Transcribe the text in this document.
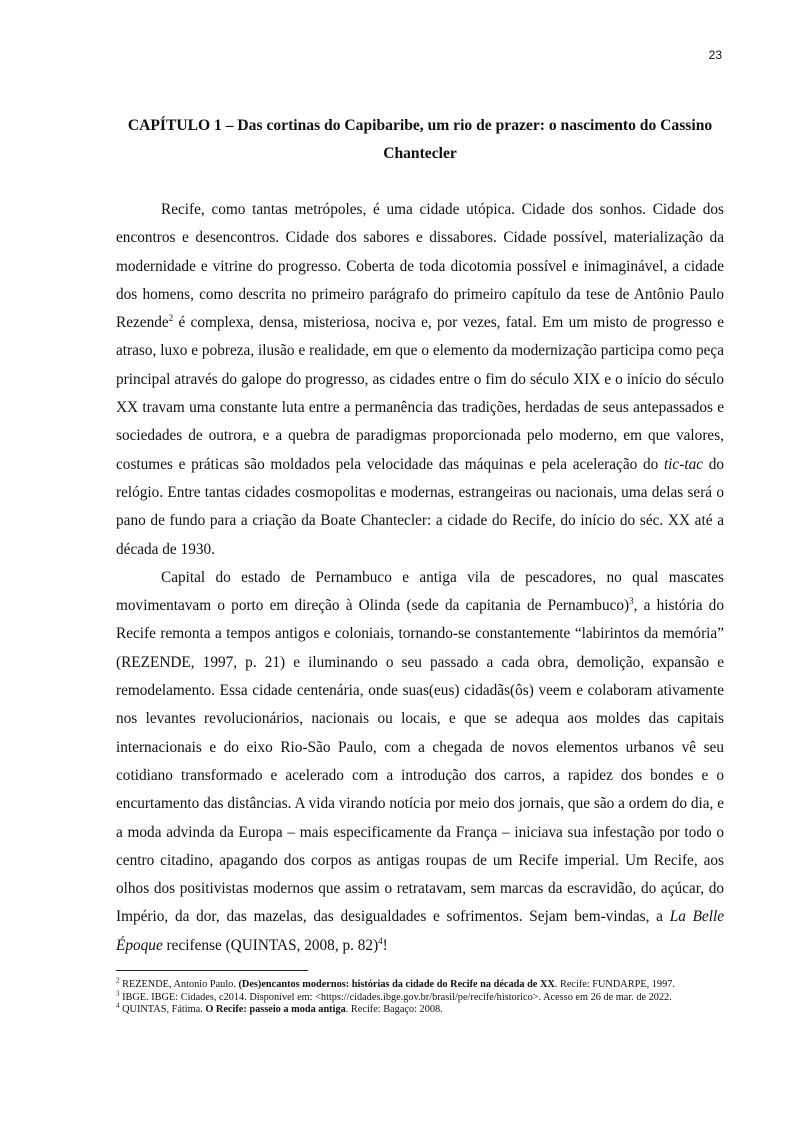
23
CAPÍTULO 1 – Das cortinas do Capibaribe, um rio de prazer: o nascimento do Cassino Chantecler

Recife, como tantas metrópoles, é uma cidade utópica. Cidade dos sonhos. Cidade dos encontros e desencontros. Cidade dos sabores e dissabores. Cidade possível, materialização da modernidade e vitrine do progresso. Coberta de toda dicotomia possível e inimaginável, a cidade dos homens, como descrita no primeiro parágrafo do primeiro capítulo da tese de Antônio Paulo Rezende$^2$ é complexa, densa, misteriosa, nociva e, por vezes, fatal. Em um misto de progresso e atraso, luxo e pobreza, ilusão e realidade, em que o elemento da modernização participa como peça principal através do galope do progresso, as cidades entre o fim do século XIX e o início do século XX travam uma constante luta entre a permanência das tradições, herdadas de seus antepassados e sociedades de outrora, e a quebra de paradigmas proporcionada pelo moderno, em que valores, costumes e práticas são moldados pela velocidade das máquinas e pela aceleração do tic-tac do relógio. Entre tantas cidades cosmopolitas e modernas, estrangeiras ou nacionais, uma delas será o pano de fundo para a criação da Boate Chantecler: a cidade do Recife, do início do séc. XX até a década de 1930.

Capital do estado de Pernambuco e antiga vila de pescadores, no qual mascates movimentavam o porto em direção à Olinda (sede da capitania de Pernambuco)$^3$, a história do Recife remonta a tempos antigos e coloniais, tornando-se constantemente “labirintos da memória” (REZENDE, 1997, p. 21) e iluminando o seu passado a cada obra, demolição, expansão e remodelamento. Essa cidade centenária, onde suas(eus) cidadãs(ôs) veem e colaboram ativamente nos levantes revolucionários, nacionais ou locais, e que se adequa aos moldes das capitais internacionais e do eixo Rio-São Paulo, com a chegada de novos elementos urbanos vê seu cotidiano transformado e acelerado com a introdução dos carros, a rapidez dos bondes e o encurtamento das distâncias. A vida virando notícia por meio dos jornais, que são a ordem do dia, e a moda advinda da Europa – mais especificamente da França – iniciava sua infestação por todo o centro citadino, apagando dos corpos as antigas roupas de um Recife imperial. Um Recife, aos olhos dos positivistas modernos que assim o retratavam, sem marcas da escravidão, do açúcar, do Império, da dor, das mazelas, das desigualdades e sofrimentos. Sejam bem-vindas, a La Belle Époque recifense (QUINTAS, 2008, p. 82)$^4$!

$^2$ REZENDE, Antonio Paulo. (Des)encantos modernos: histórias da cidade do Recife na década de XX. Recife: FUNDARPE, 1997.

$^3$ IBGE. IBGE: Cidades, c2014. Disponível em: <https://cidades.ibge.gov.br/brasil/pe/recife/historico>. Acesso em 26 de mar. de 2022.

$^4$ QUINTAS, Fátima. O Recife: passeio a moda antiga. Recife: Bagaço: 2008.
